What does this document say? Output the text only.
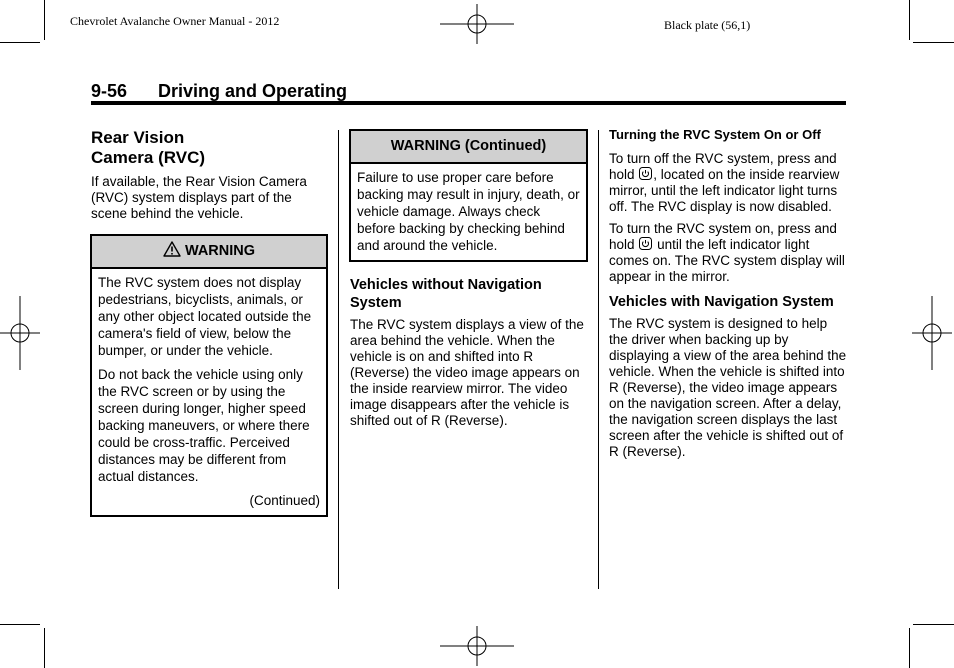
Chevrolet Avalanche Owner Manual - 2012	Black plate (56,1)
9-56 Driving and Operating
Rear Vision
Camera (RVC)

If available, the Rear Vision Camera (RVC) system displays part of the scene behind the vehicle.

WARNING

The RVC system does not display pedestrians, bicyclists, animals, or any other object located outside the camera's field of view, below the bumper, or under the vehicle.

Do not back the vehicle using only the RVC screen or by using the screen during longer, higher speed backing maneuvers, or where there could be cross-traffic. Perceived distances may be different from actual distances.

(Continued)
WARNING (Continued)

Failure to use proper care before backing may result in injury, death, or vehicle damage. Always check before backing by checking behind and around the vehicle.

Vehicles without Navigation System

The RVC system displays a view of the area behind the vehicle. When the vehicle is on and shifted into R (Reverse) the video image appears on the inside rearview mirror. The video image disappears after the vehicle is shifted out of R (Reverse).

Turning the RVC System On or Off

To turn off the RVC system, press and hold , located on the inside rearview mirror, until the left indicator light turns off. The RVC display is now disabled.

To turn the RVC system on, press and hold until the left indicator light comes on. The RVC system display will appear in the mirror.

Vehicles with Navigation System

The RVC system is designed to help the driver when backing up by displaying a view of the area behind the vehicle. When the vehicle is shifted into R (Reverse), the video image appears on the navigation screen. After a delay, the navigation screen displays the last screen after the vehicle is shifted out of R (Reverse).
